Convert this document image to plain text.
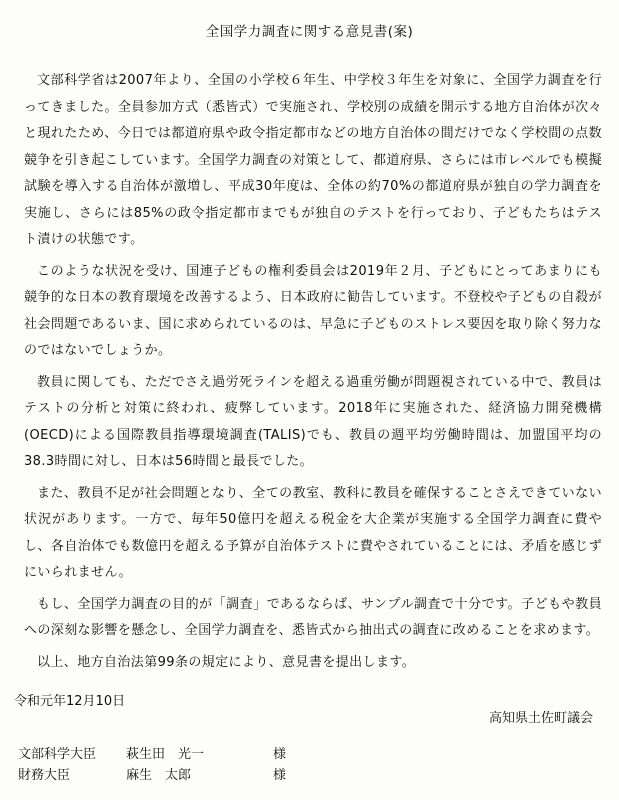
全国学力調査に関する意見書(案)

文部科学省は2007年より、全国の小学校６年生、中学校３年生を対象に、全国学力調査を行ってきました。全員参加方式（悉皆式）で実施され、学校別の成績を開示する地方自治体が次々と現れたため、今日では都道府県や政令指定都市などの地方自治体の間だけでなく学校間の点数競争を引き起こしています。全国学力調査の対策として、都道府県、さらには市レベルでも模擬試験を導入する自治体が激増し、平成30年度は、全体の約70%の都道府県が独自の学力調査を実施し、さらには85%の政令指定都市までもが独自のテストを行っており、子どもたちはテスト漬けの状態です。

このような状況を受け、国連子どもの権利委員会は2019年２月、子どもにとってあまりにも競争的な日本の教育環境を改善するよう、日本政府に勧告しています。不登校や子どもの自殺が社会問題であるいま、国に求められているのは、早急に子どものストレス要因を取り除く努力なのではないでしょうか。

教員に関しても、ただでさえ過労死ラインを超える過重労働が問題視されている中で、教員はテストの分析と対策に終われ、疲弊しています。2018年に実施された、経済協力開発機構(OECD)による国際教員指導環境調査(TALIS)でも、教員の週平均労働時間は、加盟国平均の38.3時間に対し、日本は56時間と最長でした。

また、教員不足が社会問題となり、全ての教室、教科に教員を確保することさえできていない状況があります。一方で、毎年50億円を超える税金を大企業が実施する全国学力調査に費やし、各自治体でも数億円を超える予算が自治体テストに費やされていることには、矛盾を感じずにいられません。

もし、全国学力調査の目的が「調査」であるならば、サンプル調査で十分です。子どもや教員への深刻な影響を懸念し、全国学力調査を、悉皆式から抽出式の調査に改めることを求めます。

以上、地方自治法第99条の規定により、意見書を提出します。

令和元年12月10日
高知県土佐町議会
文部科学大臣	萩生田　光一	様
財務大臣	麻生　太郎	様
